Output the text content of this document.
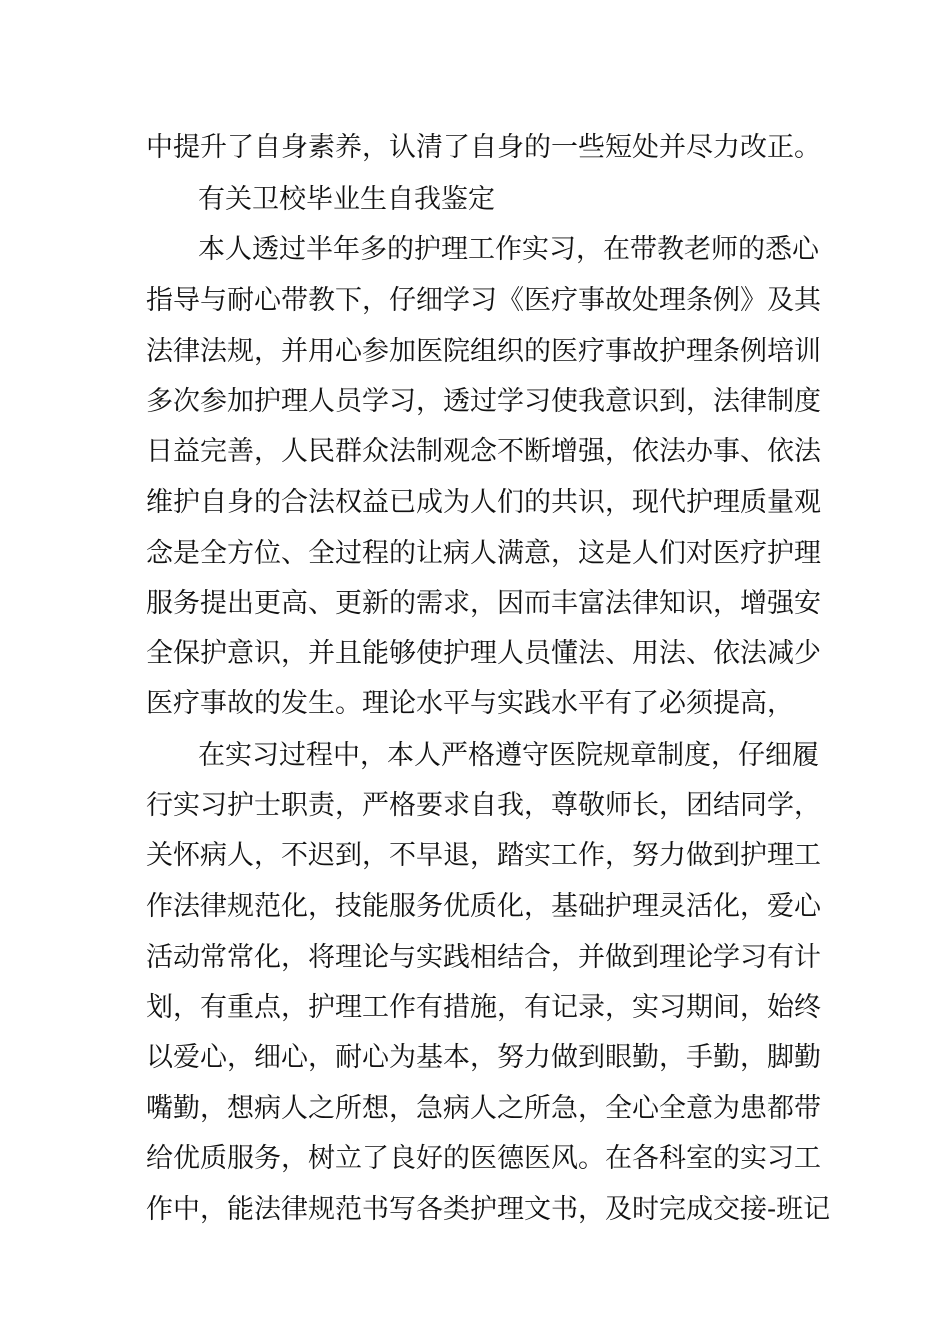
中提升了自身素养，认清了自身的一些短处并尽力改正。
有关卫校毕业生自我鉴定
本人透过半年多的护理工作实习，在带教老师的悉心
指导与耐心带教下，仔细学习《医疗事故处理条例》及其
法律法规，并用心参加医院组织的医疗事故护理条例培训
多次参加护理人员学习，透过学习使我意识到，法律制度
日益完善，人民群众法制观念不断增强，依法办事、依法
维护自身的合法权益已成为人们的共识，现代护理质量观
念是全方位、全过程的让病人满意，这是人们对医疗护理
服务提出更高、更新的需求，因而丰富法律知识，增强安
全保护意识，并且能够使护理人员懂法、用法、依法减少
医疗事故的发生。理论水平与实践水平有了必须提高，
在实习过程中，本人严格遵守医院规章制度，仔细履
行实习护士职责，严格要求自我，尊敬师长，团结同学，
关怀病人，不迟到，不早退，踏实工作，努力做到护理工
作法律规范化，技能服务优质化，基础护理灵活化，爱心
活动常常化，将理论与实践相结合，并做到理论学习有计
划，有重点，护理工作有措施，有记录，实习期间，始终
以爱心，细心，耐心为基本，努力做到眼勤，手勤，脚勤
嘴勤，想病人之所想，急病人之所急，全心全意为患都带
给优质服务，树立了良好的医德医风。在各科室的实习工
作中，能法律规范书写各类护理文书，及时完成交接-班记
